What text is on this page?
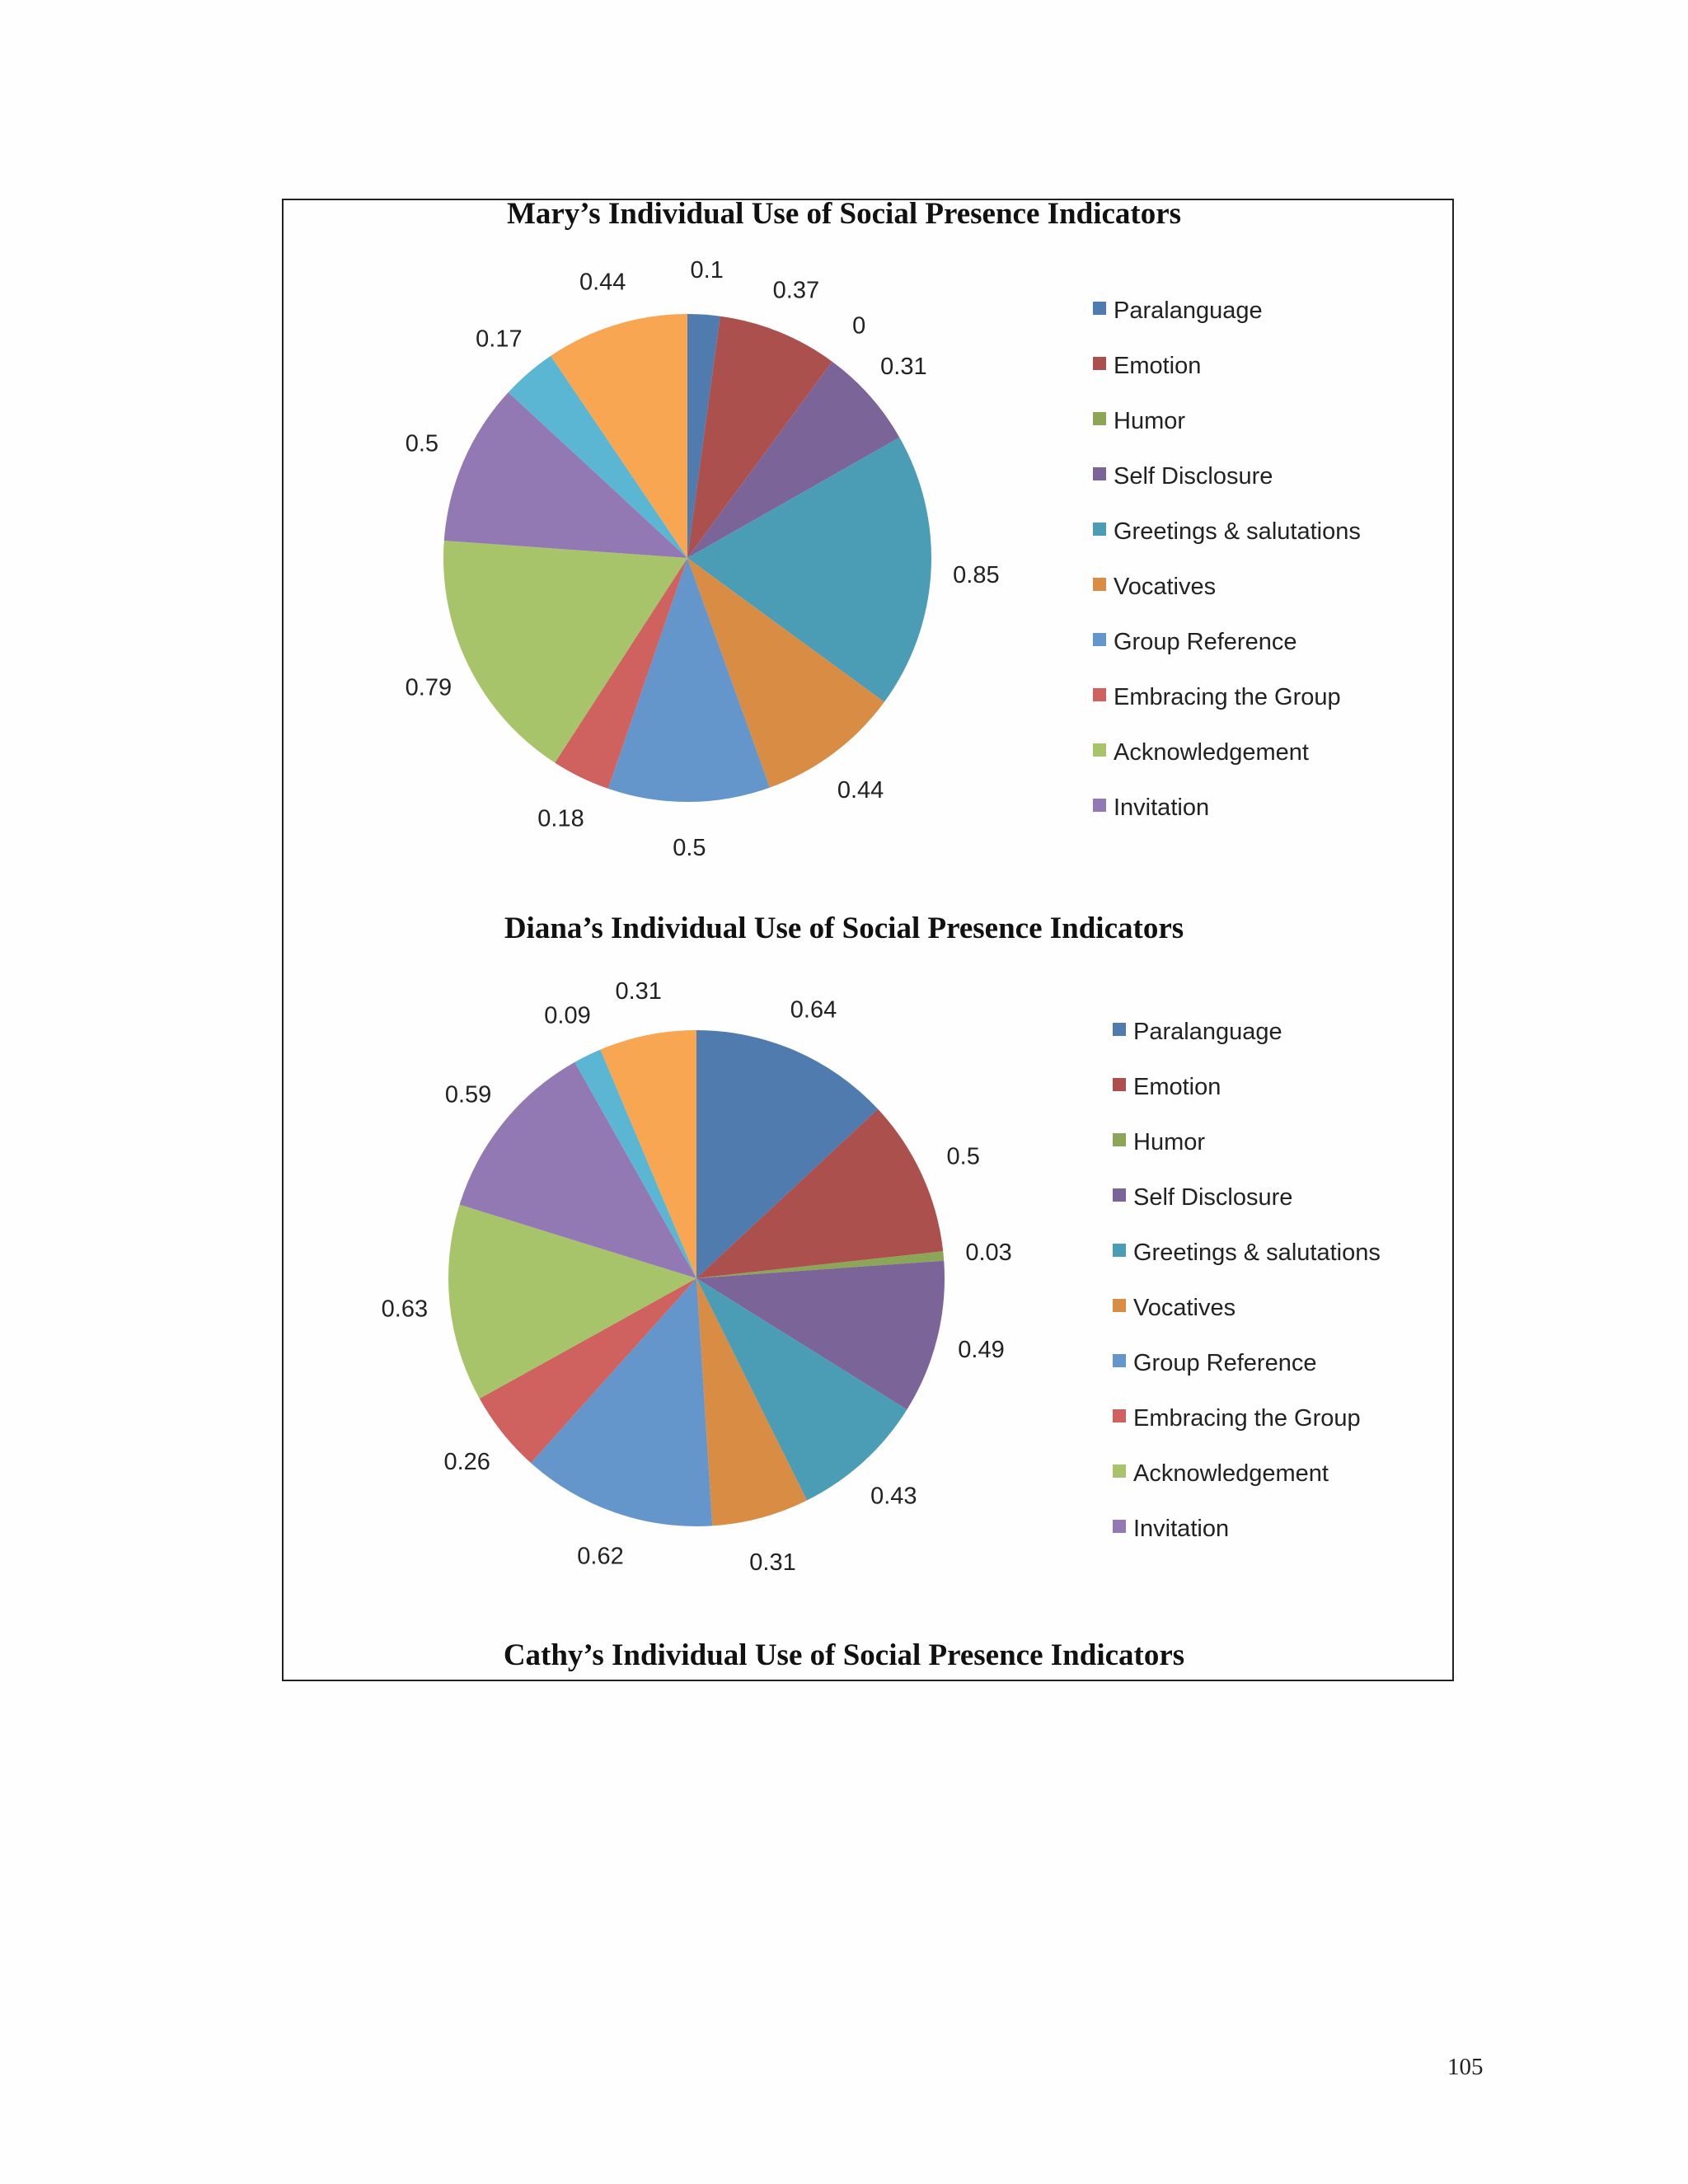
Mary’s Individual Use of Social Presence Indicators
Diana’s Individual Use of Social Presence Indicators
Cathy’s Individual Use of Social Presence Indicators
0.1
0.37
0
0.31
0.85
0.44
0.5
0.18
0.79
0.5
0.17
0.44
Paralanguage
Emotion
Humor
Self Disclosure
Greetings & salutations
Vocatives
Group Reference
Embracing the Group
Acknowledgement
Invitation
0.64
0.5
0.03
0.49
0.43
0.31
0.62
0.26
0.63
0.59
0.09
0.31
Paralanguage
Emotion
Humor
Self Disclosure
Greetings & salutations
Vocatives
Group Reference
Embracing the Group
Acknowledgement
Invitation
105
